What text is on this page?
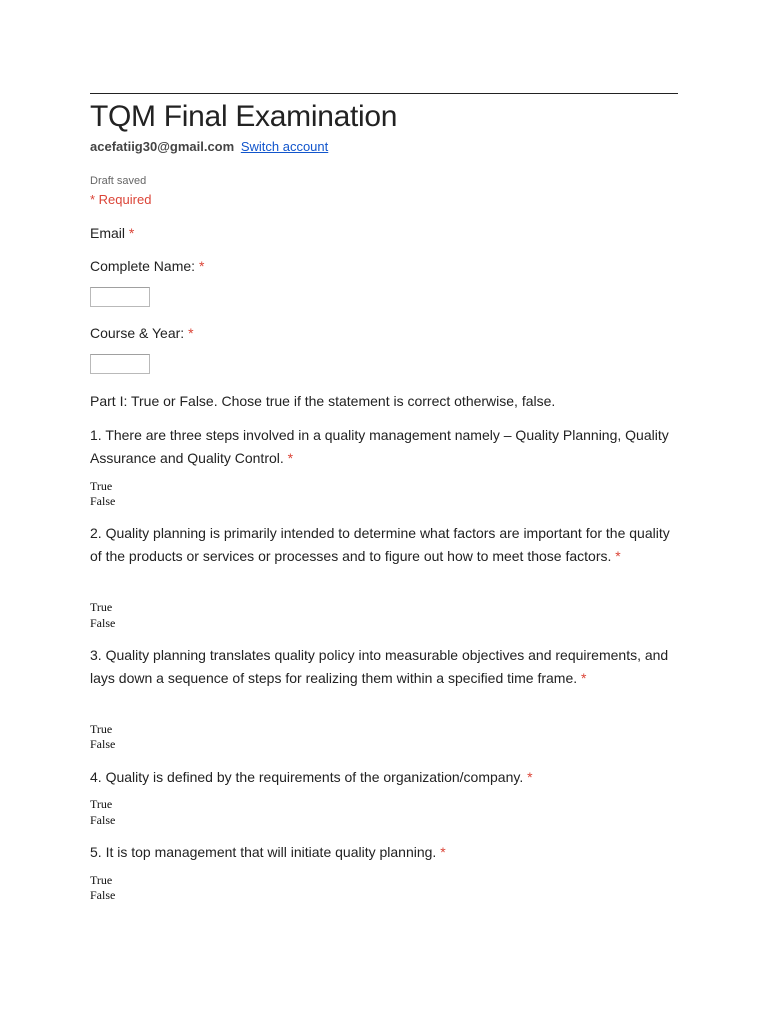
TQM Final Examination
acefatiig30@gmail.com Switch account
Draft saved
* Required
Email *
Complete Name: *
Course & Year: *
Part I: True or False. Chose true if the statement is correct otherwise, false.
1. There are three steps involved in a quality management namely – Quality Planning, Quality Assurance and Quality Control. *
True
False
2. Quality planning is primarily intended to determine what factors are important for the quality of the products or services or processes and to figure out how to meet those factors. *
True
False
3. Quality planning translates quality policy into measurable objectives and requirements, and lays down a sequence of steps for realizing them within a specified time frame. *
True
False
4. Quality is defined by the requirements of the organization/company. *
True
False
5. It is top management that will initiate quality planning. *
True
False
